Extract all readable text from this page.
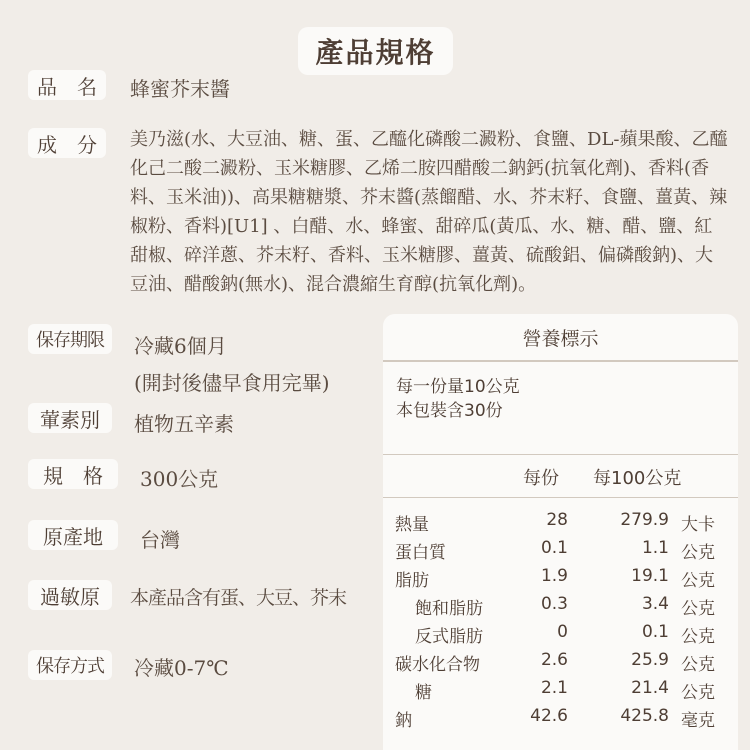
產品規格
品　名	蜂蜜芥末醬
成　分	美乃滋(水、大豆油、糖、蛋、乙醯化磷酸二澱粉、食鹽、DL-蘋果酸、乙醯化己二酸二澱粉、玉米糖膠、乙烯二胺四醋酸二鈉鈣(抗氧化劑)、香料(香料、玉米油))、高果糖糖漿、芥末醬(蒸餾醋、水、芥末籽、食鹽、薑黃、辣椒粉、香料)[U1] 、白醋、水、蜂蜜、甜碎瓜(黃瓜、水、糖、醋、鹽、紅甜椒、碎洋蔥、芥末籽、香料、玉米糖膠、薑黃、硫酸鋁、偏磷酸鈉)、大豆油、醋酸鈉(無水)、混合濃縮生育醇(抗氧化劑)。
保存期限	冷藏6個月
(開封後儘早食用完畢)
葷素別	植物五辛素
規　格	300公克
原產地	台灣
過敏原	本產品含有蛋、大豆、芥末
保存方式	冷藏0-7℃
營養標示
每一份量10公克
本包裝含30份
每份 每100公克
熱量	28	279.9 大卡
蛋白質	0.1	1.1 公克
脂肪	1.9	19.1 公克
飽和脂肪	0.3	3.4 公克
反式脂肪	0	0.1 公克
碳水化合物	2.6	25.9 公克
糖	2.1	21.4 公克
鈉	42.6	425.8 毫克
